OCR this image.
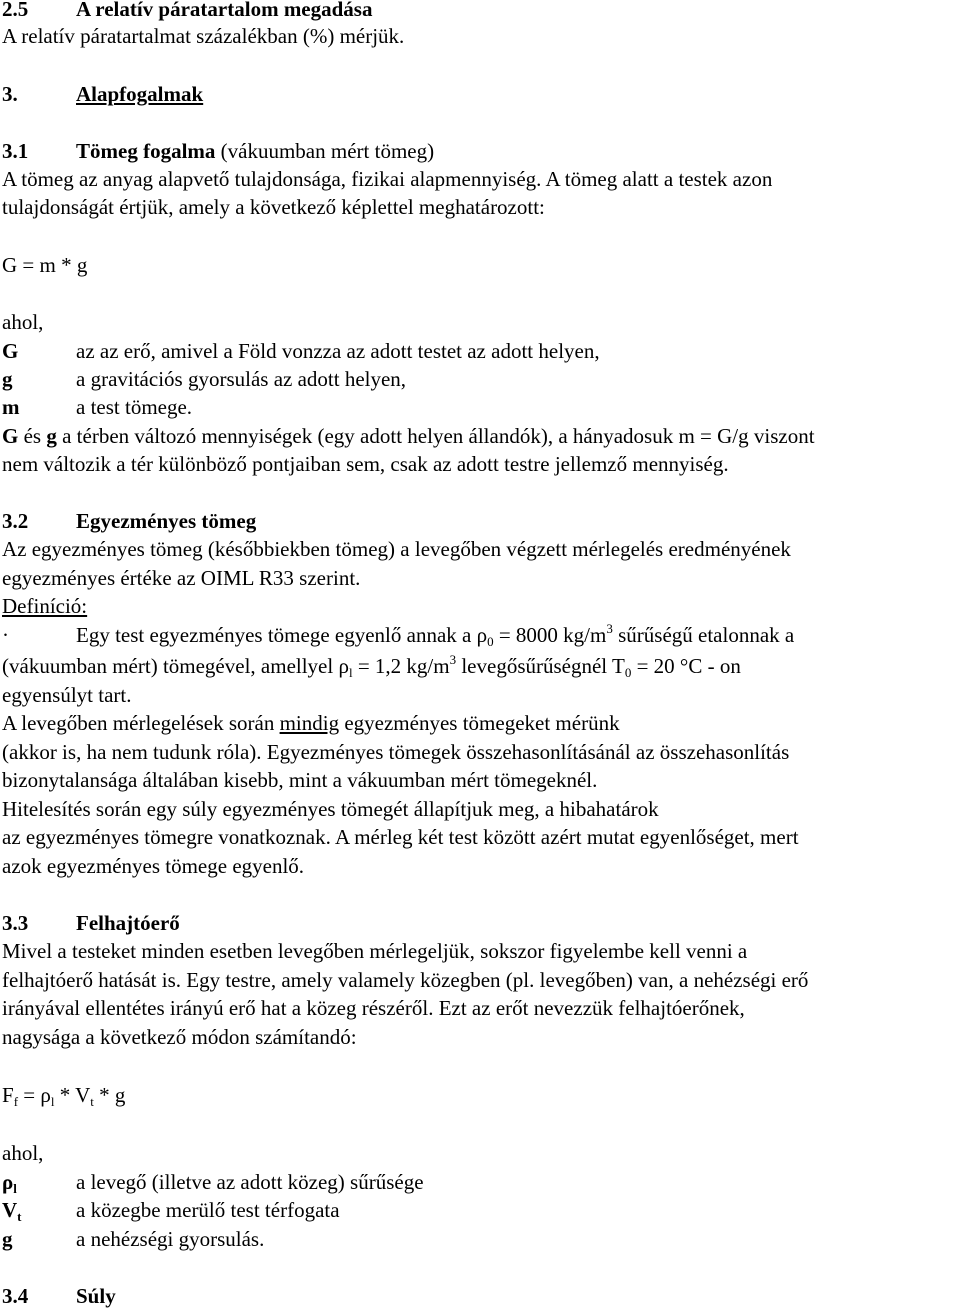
2.5 A relatív páratartalom megadása
A relatív páratartalmat százalékban (%) mérjük.
3.	Alapfogalmak
3.1 Tömeg fogalma (vákuumban mért tömeg)
A tömeg az anyag alapvető tulajdonsága, fizikai alapmennyiség. A tömeg alatt a testek azon
tulajdonságát értjük, amely a következő képlettel meghatározott:
G = m * g
ahol,
G	az az erő, amivel a Föld vonzza az adott testet az adott helyen,
g	a gravitációs gyorsulás az adott helyen,
m	a test tömege.
G és g a térben változó mennyiségek (egy adott helyen állandók), a hányadosuk m = G/g viszont
nem változik a tér különböző pontjaiban sem, csak az adott testre jellemző mennyiség.
3.2 Egyezményes tömeg
Az egyezményes tömeg (későbbiekben tömeg) a levegőben végzett mérlegelés eredményének
egyezményes értéke az OIML R33 szerint.
Definíció:
·	Egy test egyezményes tömege egyenlő annak a $\rho_0 = 8000$ $kg/m^3$ sűrűségű etalonnak a
(vákuumban mért) tömegével, amellyel $\rho_l = 1,2$ $kg/m^3$ levegősűrűségnél $T_0 = 20$ °C - on
egyensúlyt tart.
A levegőben mérlegelések során mindig egyezményes tömegeket mérünk
(akkor is, ha nem tudunk róla). Egyezményes tömegek összehasonlításánál az összehasonlítás
bizonytalansága általában kisebb, mint a vákuumban mért tömegeknél.
Hitelesítés során egy súly egyezményes tömegét állapítjuk meg, a hibahatárok
az egyezményes tömegre vonatkoznak. A mérleg két test között azért mutat egyenlőséget, mert
azok egyezményes tömege egyenlő.
3.3 Felhajtóerő
Mivel a testeket minden esetben levegőben mérlegeljük, sokszor figyelembe kell venni a
felhajtóerő hatását is. Egy testre, amely valamely közegben (pl. levegőben) van, a nehézségi erő
irányával ellentétes irányú erő hat a közeg részéről. Ezt az erőt nevezzük felhajtóerőnek,
nagysága a következő módon számítandó:
$F_f = \rho_l * V_t * g$
ahol,
$\rho_l$	a levegő (illetve az adott közeg) sűrűsége
$V_t$	a közegbe merülő test térfogata
g	a nehézségi gyorsulás.
3.4 Súly
